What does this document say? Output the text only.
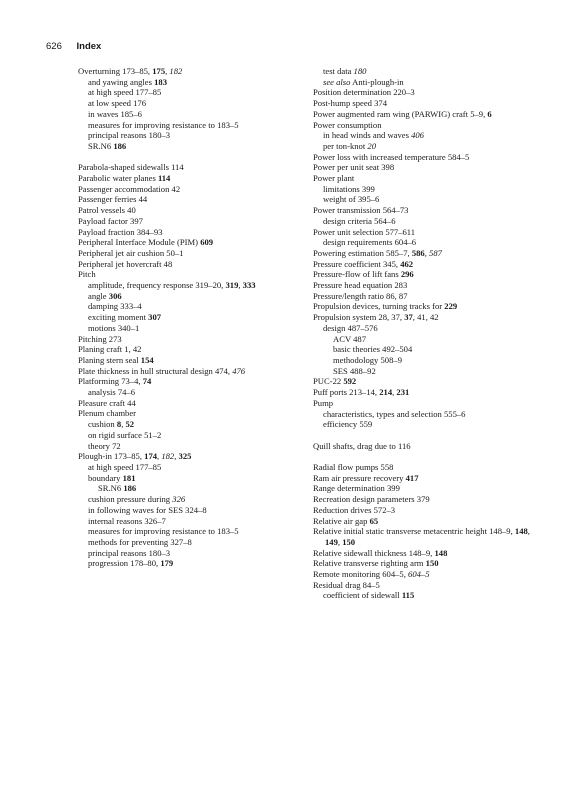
626 Index
Overturning 173–85, 175, 182
and yawing angles 183
at high speed 177–85
at low speed 176
in waves 185–6
measures for improving resistance to 183–5
principal reasons 180–3
SR.N6 186
Parabola-shaped sidewalls 114
Parabolic water planes 114
Passenger accommodation 42
Passenger ferries 44
Patrol vessels 40
Payload factor 397
Payload fraction 384–93
Peripheral Interface Module (PIM) 609
Peripheral jet air cushion 50–1
Peripheral jet hovercraft 48
Pitch
amplitude, frequency response 319–20, 319, 333
angle 306
damping 333–4
exciting moment 307
motions 340–1
Pitching 273
Planing craft 1, 42
Planing stern seal 154
Plate thickness in hull structural design 474, 476
Platforming 73–4, 74
analysis 74–6
Pleasure craft 44
Plenum chamber
cushion 8, 52
on rigid surface 51–2
theory 72
Plough-in 173–85, 174, 182, 325
at high speed 177–85
boundary 181
SR.N6 186
cushion pressure during 326
in following waves for SES 324–8
internal reasons 326–7
measures for improving resistance to 183–5
methods for preventing 327–8
principal reasons 180–3
progression 178–80, 179
test data 180
see also Anti-plough-in
Position determination 220–3
Post-hump speed 374
Power augmented ram wing (PARWIG) craft 5–9, 6
Power consumption
in head winds and waves 406
per ton-knot 20
Power loss with increased temperature 584–5
Power per unit seat 398
Power plant
limitations 399
weight of 395–6
Power transmission 564–73
design criteria 564–6
Power unit selection 577–611
design requirements 604–6
Powering estimation 585–7, 586, 587
Pressure coefficient 345, 462
Pressure-flow of lift fans 296
Pressure head equation 283
Pressure/length ratio 86, 87
Propulsion devices, turning tracks for 229
Propulsion system 28, 37, 37, 41, 42
design 487–576
ACV 487
basic theories 492–504
methodology 508–9
SES 488–92
PUC-22 592
Puff ports 213–14, 214, 231
Pump
characteristics, types and selection 555–6
efficiency 559
Quill shafts, drag due to 116
Radial flow pumps 558
Ram air pressure recovery 417
Range determination 399
Recreation design parameters 379
Reduction drives 572–3
Relative air gap 65
Relative initial static transverse metacentric height 148–9, 148, 149, 150
Relative sidewall thickness 148–9, 148
Relative transverse righting arm 150
Remote monitoring 604–5, 604–5
Residual drag 84–5
coefficient of sidewall 115
